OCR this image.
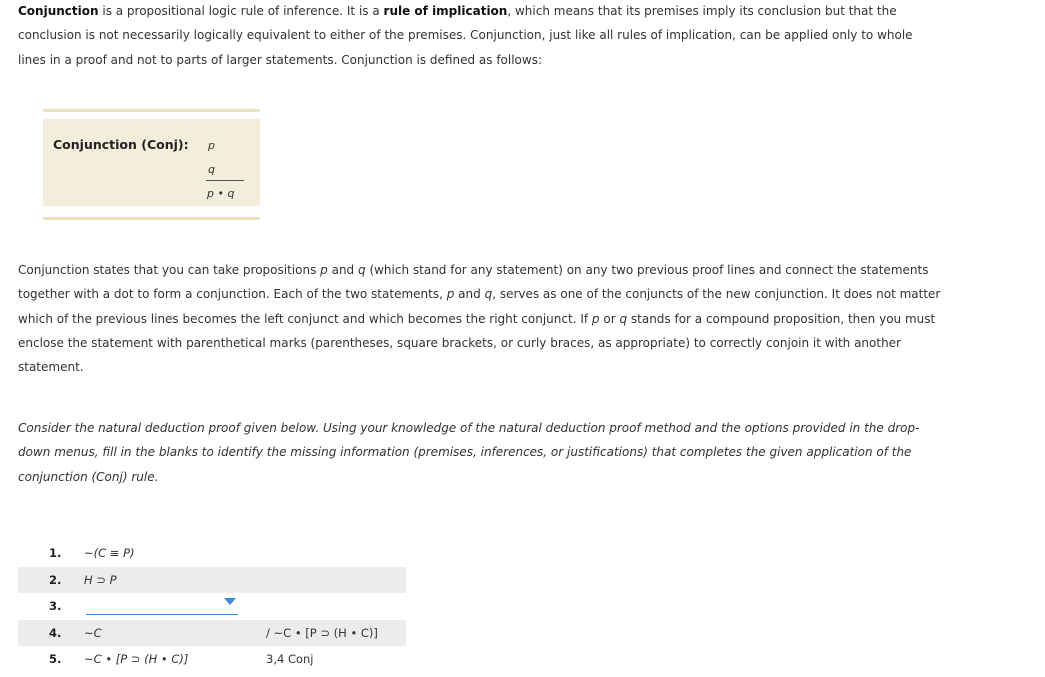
Conjunction is a propositional logic rule of inference. It is a rule of implication, which means that its premises imply its conclusion but that the conclusion is not necessarily logically equivalent to either of the premises. Conjunction, just like all rules of implication, can be applied only to whole lines in a proof and not to parts of larger statements. Conjunction is defined as follows:

Conjunction (Conj): p
q
p • q

Conjunction states that you can take propositions p and q (which stand for any statement) on any two previous proof lines and connect the statements together with a dot to form a conjunction. Each of the two statements, p and q, serves as one of the conjuncts of the new conjunction. It does not matter which of the previous lines becomes the left conjunct and which becomes the right conjunct. If p or q stands for a compound proposition, then you must enclose the statement with parenthetical marks (parentheses, square brackets, or curly braces, as appropriate) to correctly conjoin it with another statement.

Consider the natural deduction proof given below. Using your knowledge of the natural deduction proof method and the options provided in the drop-down menus, fill in the blanks to identify the missing information (premises, inferences, or justifications) that completes the given application of the conjunction (Conj) rule.

1. ~(C ≡ P)
2. H ⊃ P
3.
4. ~C	/ ~C • [P ⊃ (H • C)]
5. ~C • [P ⊃ (H • C)]	3,4 Conj
